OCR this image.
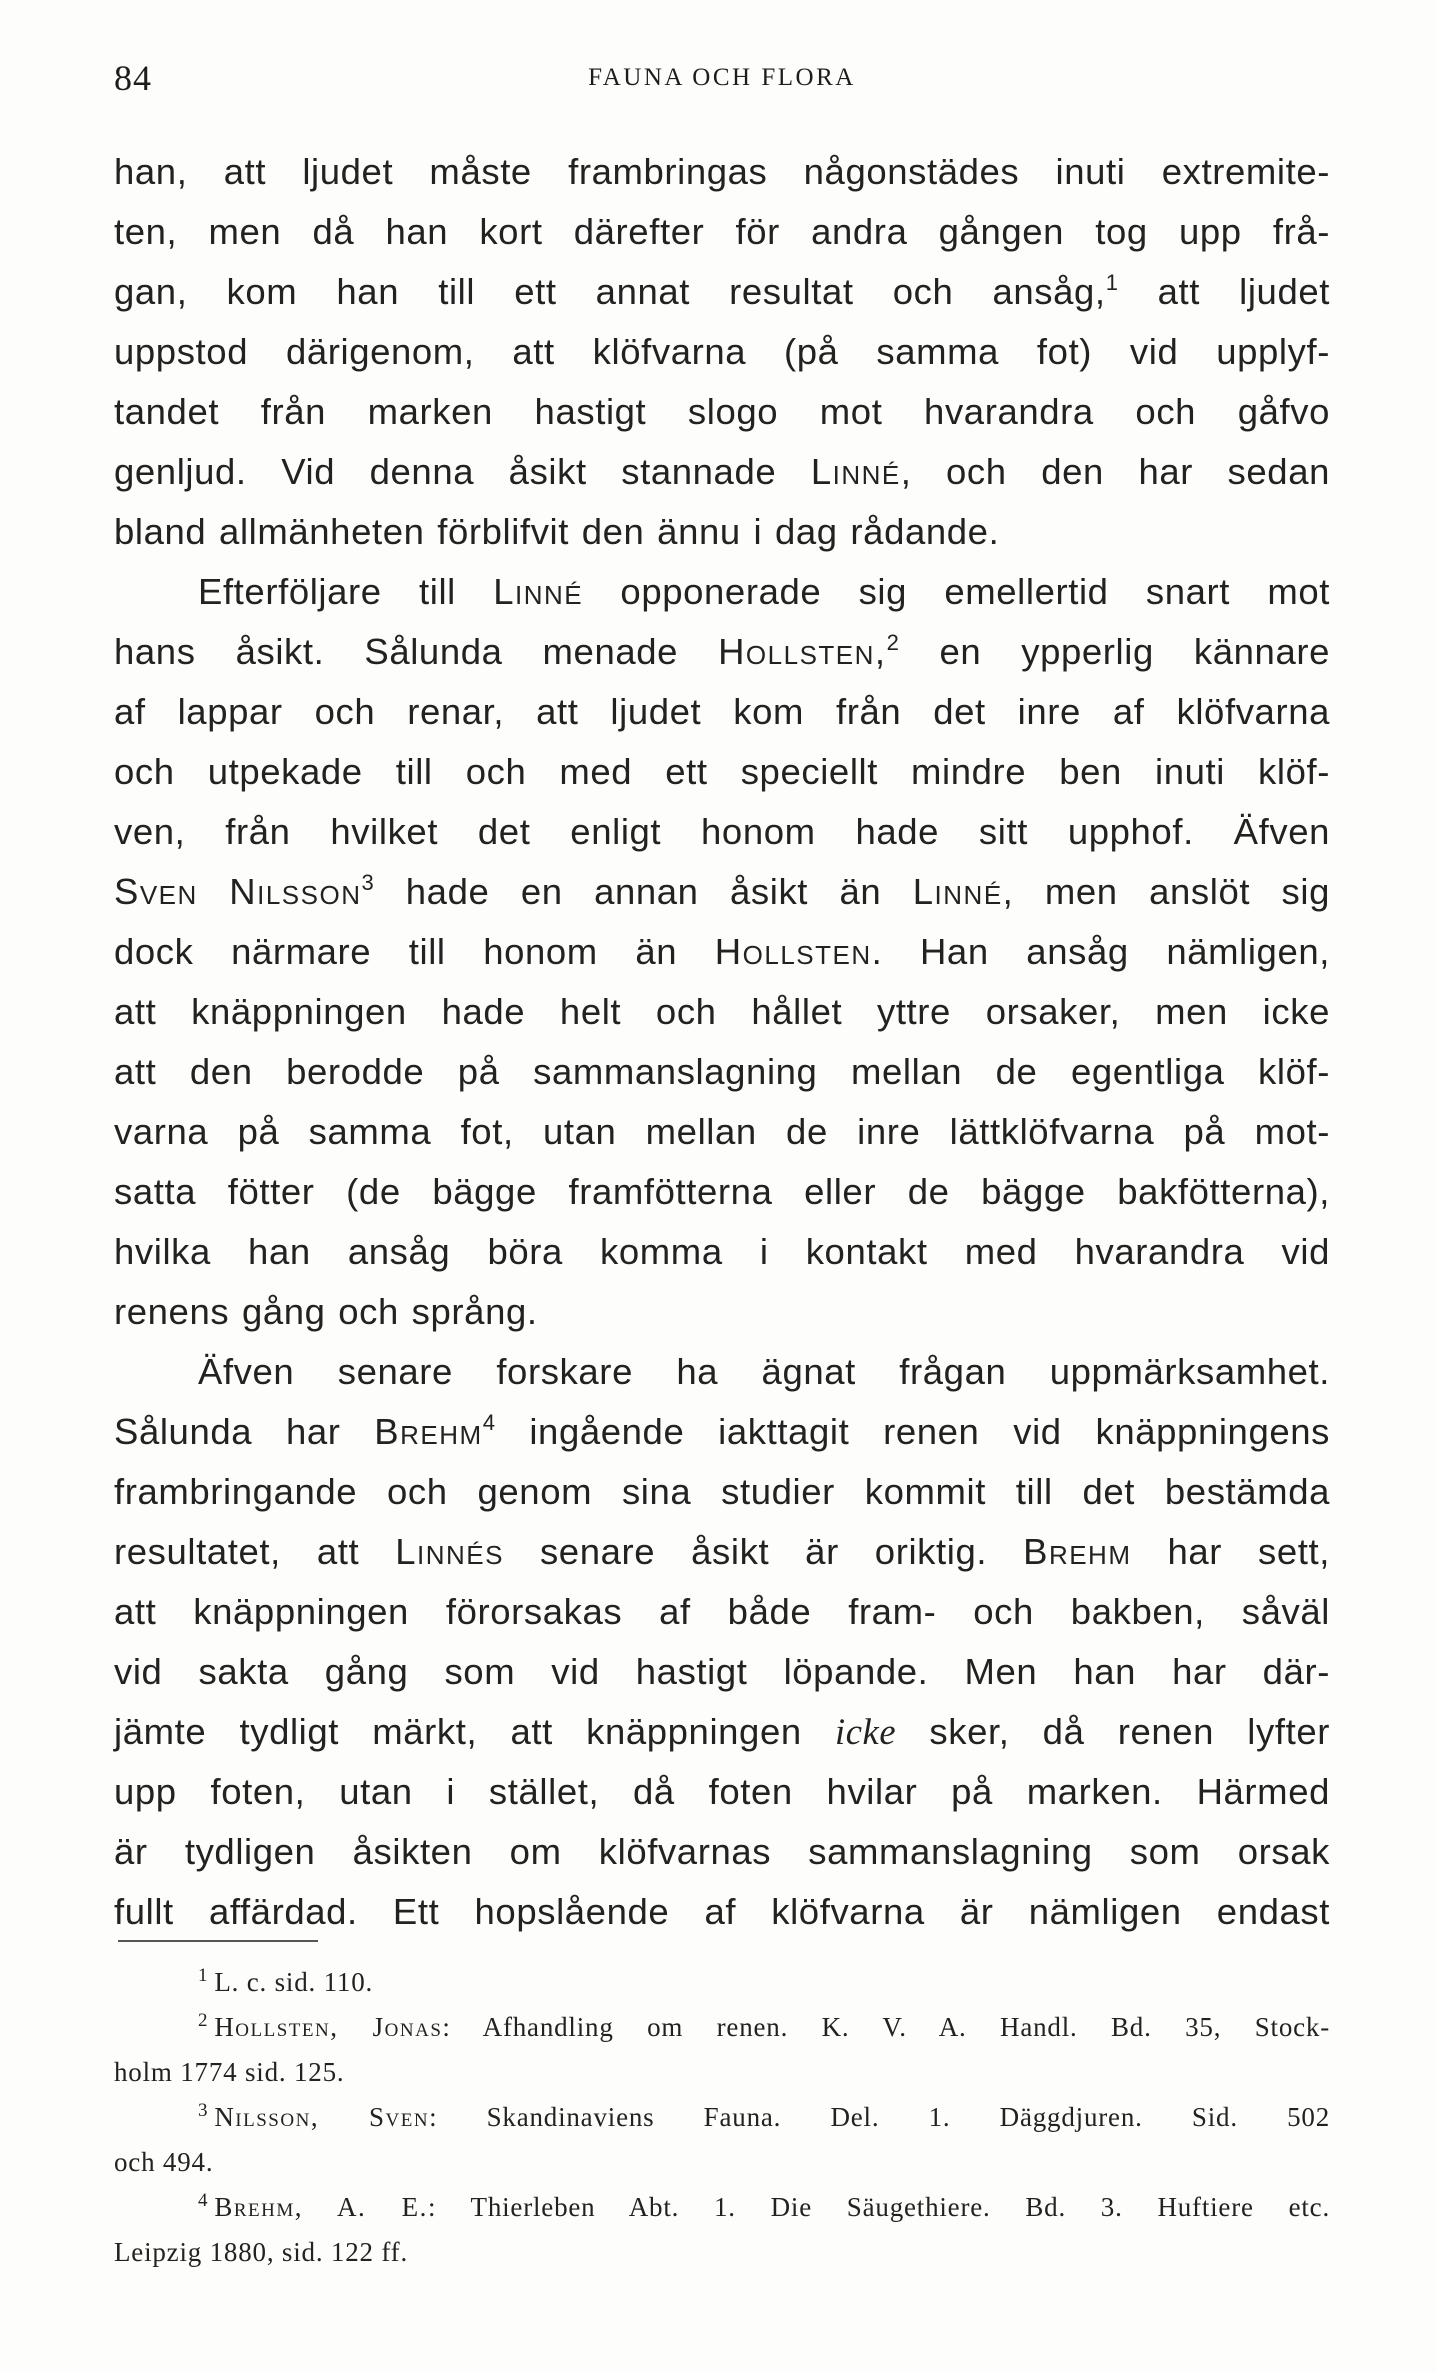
84	FAUNA OCH FLORA
han, att ljudet måste frambringas någonstädes inuti extremite-
ten, men då han kort därefter för andra gången tog upp frå-
gan, kom han till ett annat resultat och ansåg,$^1$ att ljudet
uppstod därigenom, att klöfvarna (på samma fot) vid upplyf-
tandet från marken hastigt slogo mot hvarandra och gåfvo
genljud. Vid denna åsikt stannade Linné, och den har sedan
bland allmänheten förblifvit den ännu i dag rådande.
Efterföljare till Linné opponerade sig emellertid snart mot
hans åsikt. Sålunda menade Hollsten,$^2$ en ypperlig kännare
af lappar och renar, att ljudet kom från det inre af klöfvarna
och utpekade till och med ett speciellt mindre ben inuti klöf-
ven, från hvilket det enligt honom hade sitt upphof. Äfven
Sven Nilsson$^3$ hade en annan åsikt än Linné, men anslöt sig
dock närmare till honom än Hollsten. Han ansåg nämligen,
att knäppningen hade helt och hållet yttre orsaker, men icke
att den berodde på sammanslagning mellan de egentliga klöf-
varna på samma fot, utan mellan de inre lättklöfvarna på mot-
satta fötter (de bägge framfötterna eller de bägge bakfötterna),
hvilka han ansåg böra komma i kontakt med hvarandra vid
renens gång och språng.
Äfven senare forskare ha ägnat frågan uppmärksamhet.
Sålunda har Brehm$^4$ ingående iakttagit renen vid knäppningens
frambringande och genom sina studier kommit till det bestämda
resultatet, att Linnés senare åsikt är oriktig. Brehm har sett,
att knäppningen förorsakas af både fram- och bakben, såväl
vid sakta gång som vid hastigt löpande. Men han har där-
jämte tydligt märkt, att knäppningen icke sker, då renen lyfter
upp foten, utan i stället, då foten hvilar på marken. Härmed
är tydligen åsikten om klöfvarnas sammanslagning som orsak
fullt affärdad. Ett hopslående af klöfvarna är nämligen endast
$^1$ L. c. sid. 110.
$^2$ Hollsten, Jonas: Afhandling om renen. K. V. A. Handl. Bd. 35, Stock-
holm 1774 sid. 125.
$^3$ Nilsson, Sven: Skandinaviens Fauna. Del. 1. Däggdjuren. Sid. 502
och 494.
$^4$ Brehm, A. E.: Thierleben Abt. 1. Die Säugethiere. Bd. 3. Huftiere etc.
Leipzig 1880, sid. 122 ff.
